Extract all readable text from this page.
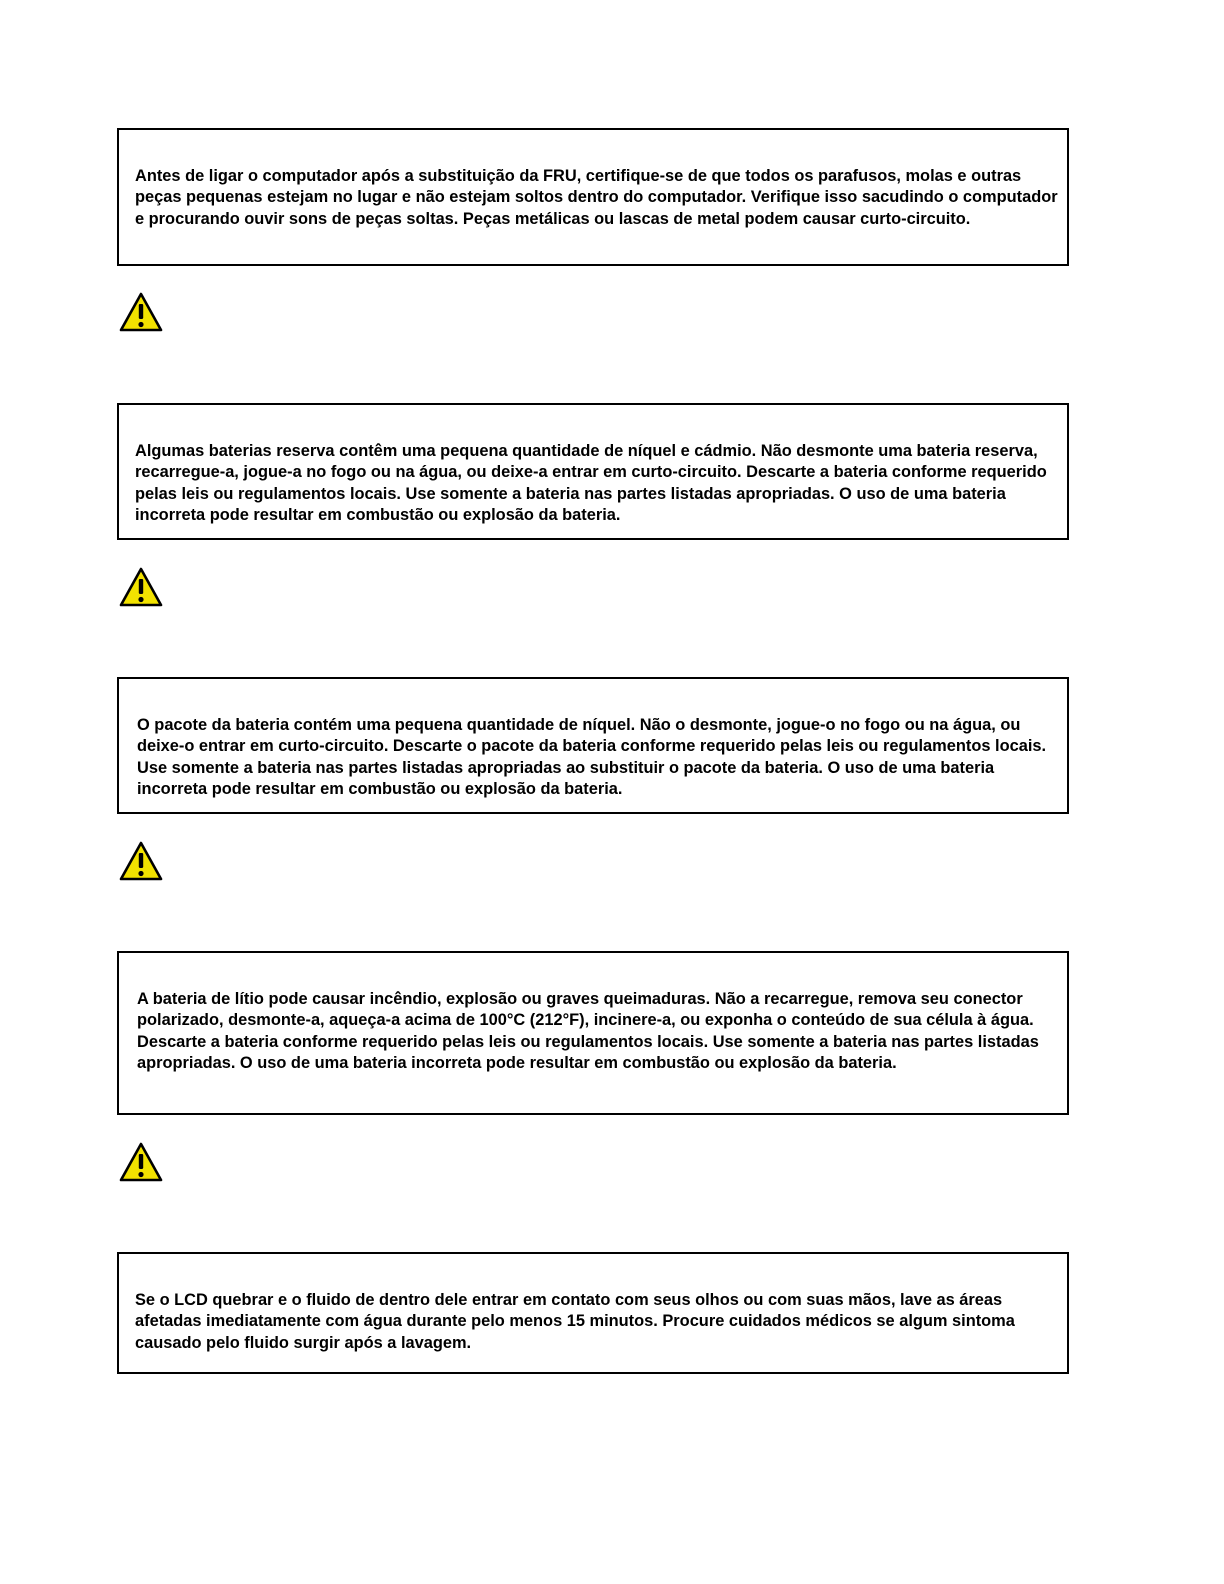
Antes de ligar o computador após a substituição da FRU, certifique-se de que todos os parafusos, molas e outras peças pequenas estejam no lugar e não estejam soltos dentro do computador. Verifique isso sacudindo o computador e procurando ouvir sons de peças soltas. Peças metálicas ou lascas de metal podem causar curto-circuito.

Algumas baterias reserva contêm uma pequena quantidade de níquel e cádmio. Não desmonte uma bateria reserva, recarregue-a, jogue-a no fogo ou na água, ou deixe-a entrar em curto-circuito. Descarte a bateria conforme requerido pelas leis ou regulamentos locais. Use somente a bateria nas partes listadas apropriadas. O uso de uma bateria incorreta pode resultar em combustão ou explosão da bateria.

O pacote da bateria contém uma pequena quantidade de níquel. Não o desmonte, jogue-o no fogo ou na água, ou deixe-o entrar em curto-circuito. Descarte o pacote da bateria conforme requerido pelas leis ou regulamentos locais. Use somente a bateria nas partes listadas apropriadas ao substituir o pacote da bateria. O uso de uma bateria incorreta pode resultar em combustão ou explosão da bateria.

A bateria de lítio pode causar incêndio, explosão ou graves queimaduras. Não a recarregue, remova seu conector polarizado, desmonte-a, aqueça-a acima de 100°C (212°F), incinere-a, ou exponha o conteúdo de sua célula à água. Descarte a bateria conforme requerido pelas leis ou regulamentos locais. Use somente a bateria nas partes listadas apropriadas. O uso de uma bateria incorreta pode resultar em combustão ou explosão da bateria.

Se o LCD quebrar e o fluido de dentro dele entrar em contato com seus olhos ou com suas mãos, lave as áreas afetadas imediatamente com água durante pelo menos 15 minutos. Procure cuidados médicos se algum sintoma causado pelo fluido surgir após a lavagem.
